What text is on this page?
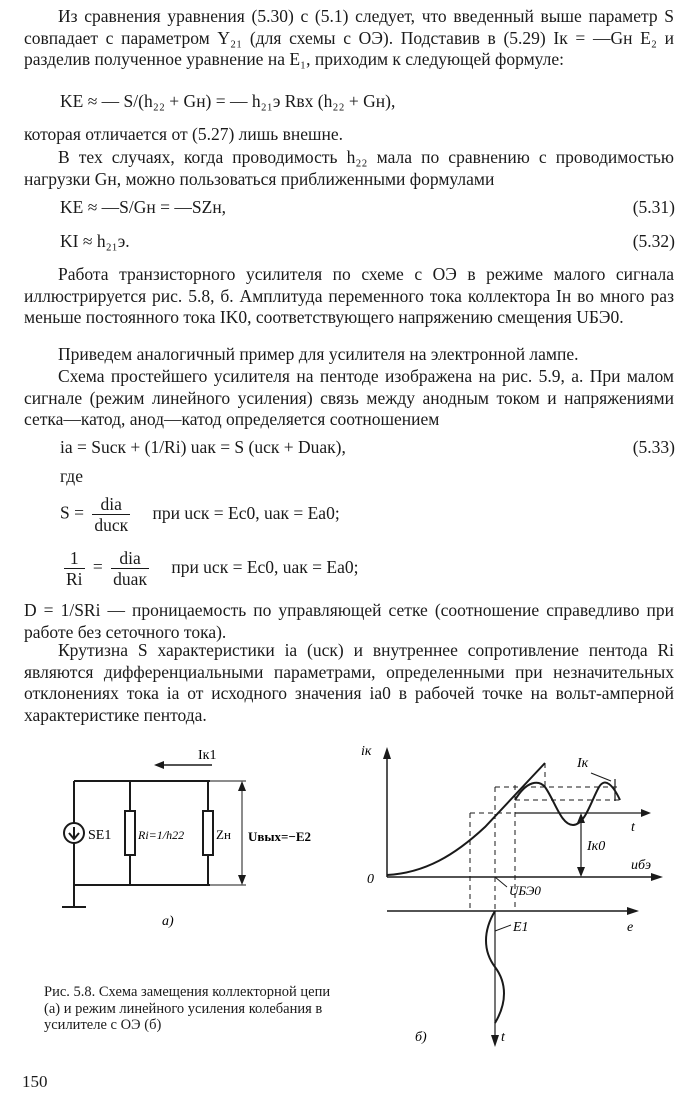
Из сравнения уравнения (5.30) с (5.1) следует, что введенный выше параметр S совпадает с параметром Y₂₁ (для схемы с ОЭ). Подставив в (5.29) Iк = —Gн E₂ и разделив полученное уравнение на E₁, приходим к следующей формуле:

KE ≈ — S/(h₂₂ + Gн) = — h₂₁э Rвх (h₂₂ + Gн),

которая отличается от (5.27) лишь внешне.

В тех случаях, когда проводимость h₂₂ мала по сравнению с проводимостью нагрузки Gн, можно пользоваться приближенными формулами

KE ≈ —S/Gн = —SZн,	(5.31)
KI ≈ h₂₁э.	(5.32)

Работа транзисторного усилителя по схеме с ОЭ в режиме малого сигнала иллюстрируется рис. 5.8, б. Амплитуда переменного тока коллектора Iн во много раз меньше постоянного тока IK0, соответствующего напряжению смещения UБЭ0.

Приведем аналогичный пример для усилителя на электронной лампе.

Схема простейшего усилителя на пентоде изображена на рис. 5.9, а. При малом сигнале (режим линейного усиления) связь между анодным током и напряжениями сетка—катод, анод—катод определяется соотношением

iа = Suск + (1/Ri) uак = S (uск + Duак),	(5.33)

где

$S = \frac{\text{diа}}{\text{duск}}$ при uск = Eс0, uак = Eа0;
$\frac{1}{Ri} = \frac{\text{diа}}{\text{duак}}$ при uск = Eс0, uак = Eа0;

D = 1/SRi — проницаемость по управляющей сетке (соотношение справедливо при работе без сеточного тока).

Крутизна S характеристики iа (uск) и внутреннее сопротивление пентода Ri являются дифференциальными параметрами, определенными при незначительных отклонениях тока iа от исходного значения iа0 в рабочей точке на вольт-амперной характеристике пентода.

Iк1
SE1 Ri=1/h22 Zн Uвых=−E2
а)
iк
uбэ
0
t
Iк
Iк0
UБЭ0
e
t
E1
б)
Рис. 5.8. Схема замещения коллекторной цепи (а) и режим линейного усиления колебания в усилителе с ОЭ (б)
150
